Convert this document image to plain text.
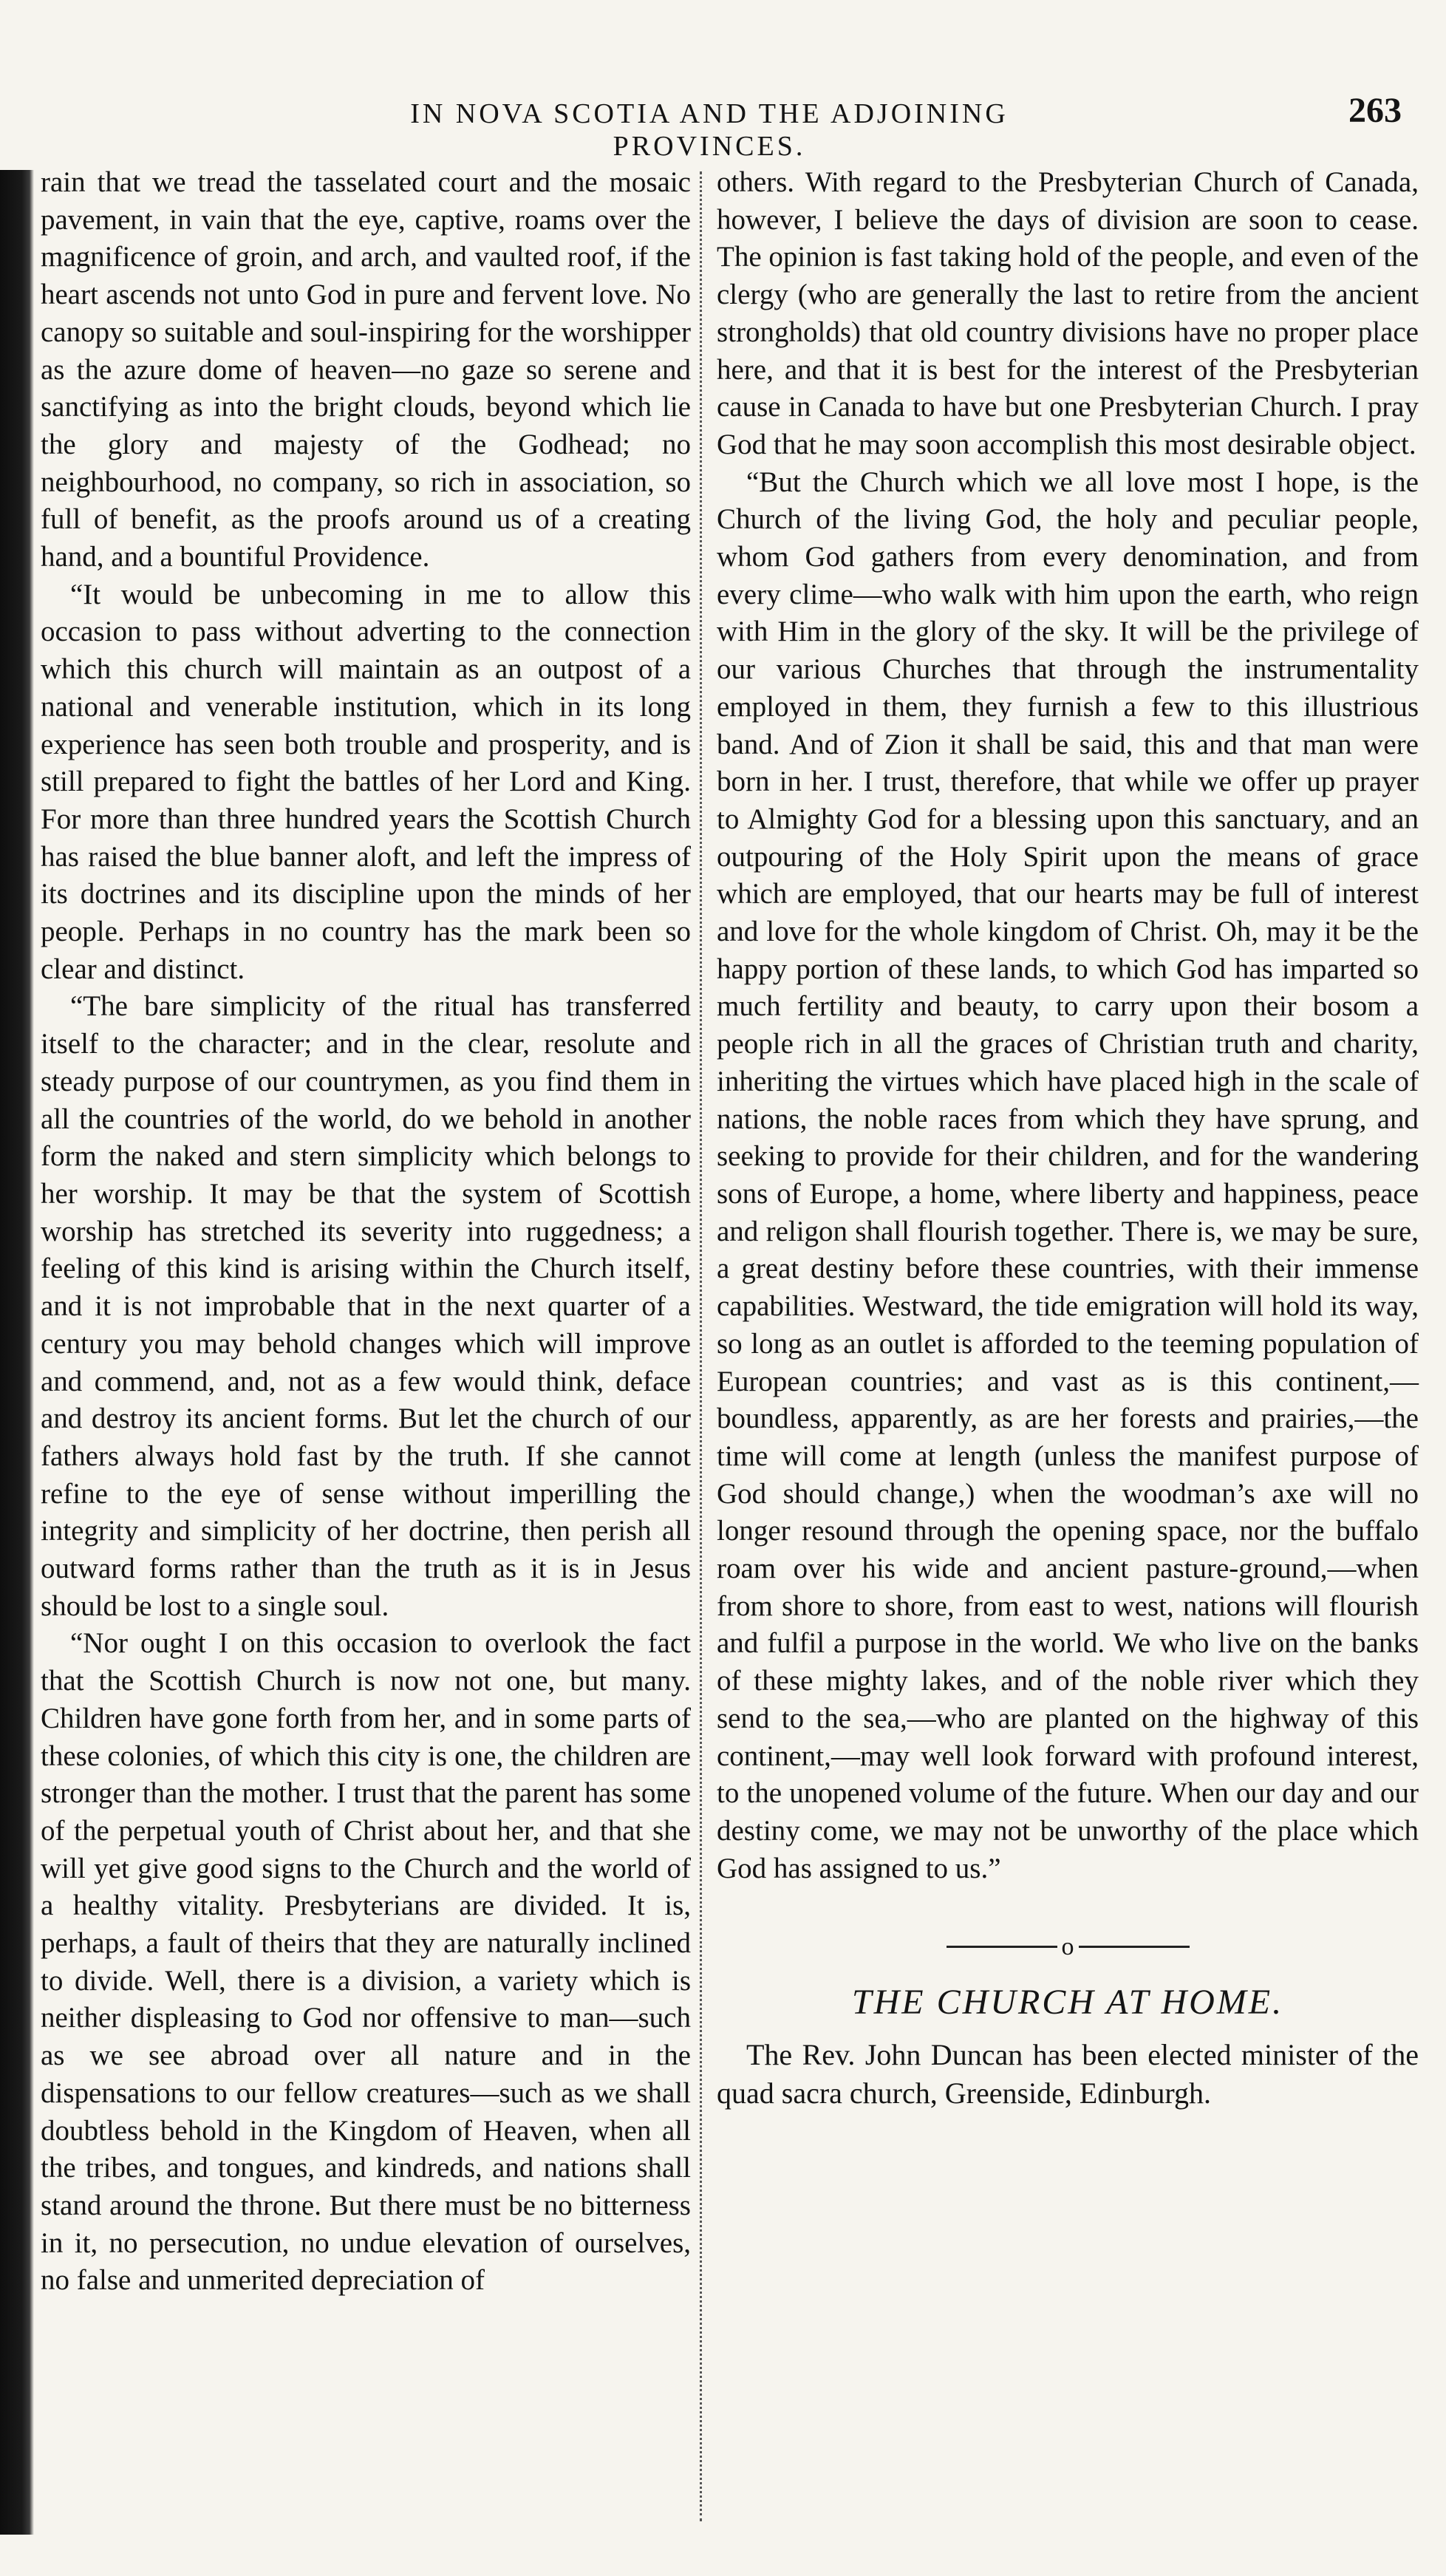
IN NOVA SCOTIA AND THE ADJOINING PROVINCES.
263

rain that we tread the tasselated court and the mosaic pavement, in vain that the eye, captive, roams over the magnificence of groin, and arch, and vaulted roof, if the heart ascends not unto God in pure and fervent love. No canopy so suitable and soul-inspiring for the worshipper as the azure dome of heaven—no gaze so serene and sanctifying as into the bright clouds, beyond which lie the glory and majesty of the Godhead; no neighbourhood, no company, so rich in association, so full of benefit, as the proofs around us of a creating hand, and a bountiful Providence.

“It would be unbecoming in me to allow this occasion to pass without adverting to the connection which this church will maintain as an outpost of a national and venerable institution, which in its long experience has seen both trouble and prosperity, and is still prepared to fight the battles of her Lord and King. For more than three hundred years the Scottish Church has raised the blue banner aloft, and left the impress of its doctrines and its discipline upon the minds of her people. Perhaps in no country has the mark been so clear and distinct.

“The bare simplicity of the ritual has transferred itself to the character; and in the clear, resolute and steady purpose of our countrymen, as you find them in all the countries of the world, do we behold in another form the naked and stern simplicity which belongs to her worship. It may be that the system of Scottish worship has stretched its severity into ruggedness; a feeling of this kind is arising within the Church itself, and it is not improbable that in the next quarter of a century you may behold changes which will improve and commend, and, not as a few would think, deface and destroy its ancient forms. But let the church of our fathers always hold fast by the truth. If she cannot refine to the eye of sense without imperilling the integrity and simplicity of her doctrine, then perish all outward forms rather than the truth as it is in Jesus should be lost to a single soul.

“Nor ought I on this occasion to overlook the fact that the Scottish Church is now not one, but many. Children have gone forth from her, and in some parts of these colonies, of which this city is one, the children are stronger than the mother. I trust that the parent has some of the perpetual youth of Christ about her, and that she will yet give good signs to the Church and the world of a healthy vitality. Presbyterians are divided. It is, perhaps, a fault of theirs that they are naturally inclined to divide. Well, there is a division, a variety which is neither displeasing to God nor offensive to man—such as we see abroad over all nature and in the dispensations to our fellow creatures—such as we shall doubtless behold in the Kingdom of Heaven, when all the tribes, and tongues, and kindreds, and nations shall stand around the throne. But there must be no bitterness in it, no persecution, no undue elevation of ourselves, no false and unmerited depreciation of

others. With regard to the Presbyterian Church of Canada, however, I believe the days of division are soon to cease. The opinion is fast taking hold of the people, and even of the clergy (who are generally the last to retire from the ancient strongholds) that old country divisions have no proper place here, and that it is best for the interest of the Presbyterian cause in Canada to have but one Presbyterian Church. I pray God that he may soon accomplish this most desirable object.

“But the Church which we all love most I hope, is the Church of the living God, the holy and peculiar people, whom God gathers from every denomination, and from every clime—who walk with him upon the earth, who reign with Him in the glory of the sky. It will be the privilege of our various Churches that through the instrumentality employed in them, they furnish a few to this illustrious band. And of Zion it shall be said, this and that man were born in her. I trust, therefore, that while we offer up prayer to Almighty God for a blessing upon this sanctuary, and an outpouring of the Holy Spirit upon the means of grace which are employed, that our hearts may be full of interest and love for the whole kingdom of Christ. Oh, may it be the happy portion of these lands, to which God has imparted so much fertility and beauty, to carry upon their bosom a people rich in all the graces of Christian truth and charity, inheriting the virtues which have placed high in the scale of nations, the noble races from which they have sprung, and seeking to provide for their children, and for the wandering sons of Europe, a home, where liberty and happiness, peace and religon shall flourish together. There is, we may be sure, a great destiny before these countries, with their immense capabilities. Westward, the tide emigration will hold its way, so long as an outlet is afforded to the teeming population of European countries; and vast as is this continent,—boundless, apparently, as are her forests and prairies,—the time will come at length (unless the manifest purpose of God should change,) when the woodman’s axe will no longer resound through the opening space, nor the buffalo roam over his wide and ancient pasture-ground,—when from shore to shore, from east to west, nations will flourish and fulfil a purpose in the world. We who live on the banks of these mighty lakes, and of the noble river which they send to the sea,—who are planted on the highway of this continent,—may well look forward with profound interest, to the unopened volume of the future. When our day and our destiny come, we may not be unworthy of the place which God has assigned to us.”

o
THE CHURCH AT HOME.

The Rev. John Duncan has been elected minister of the quad sacra church, Greenside, Edinburgh.
